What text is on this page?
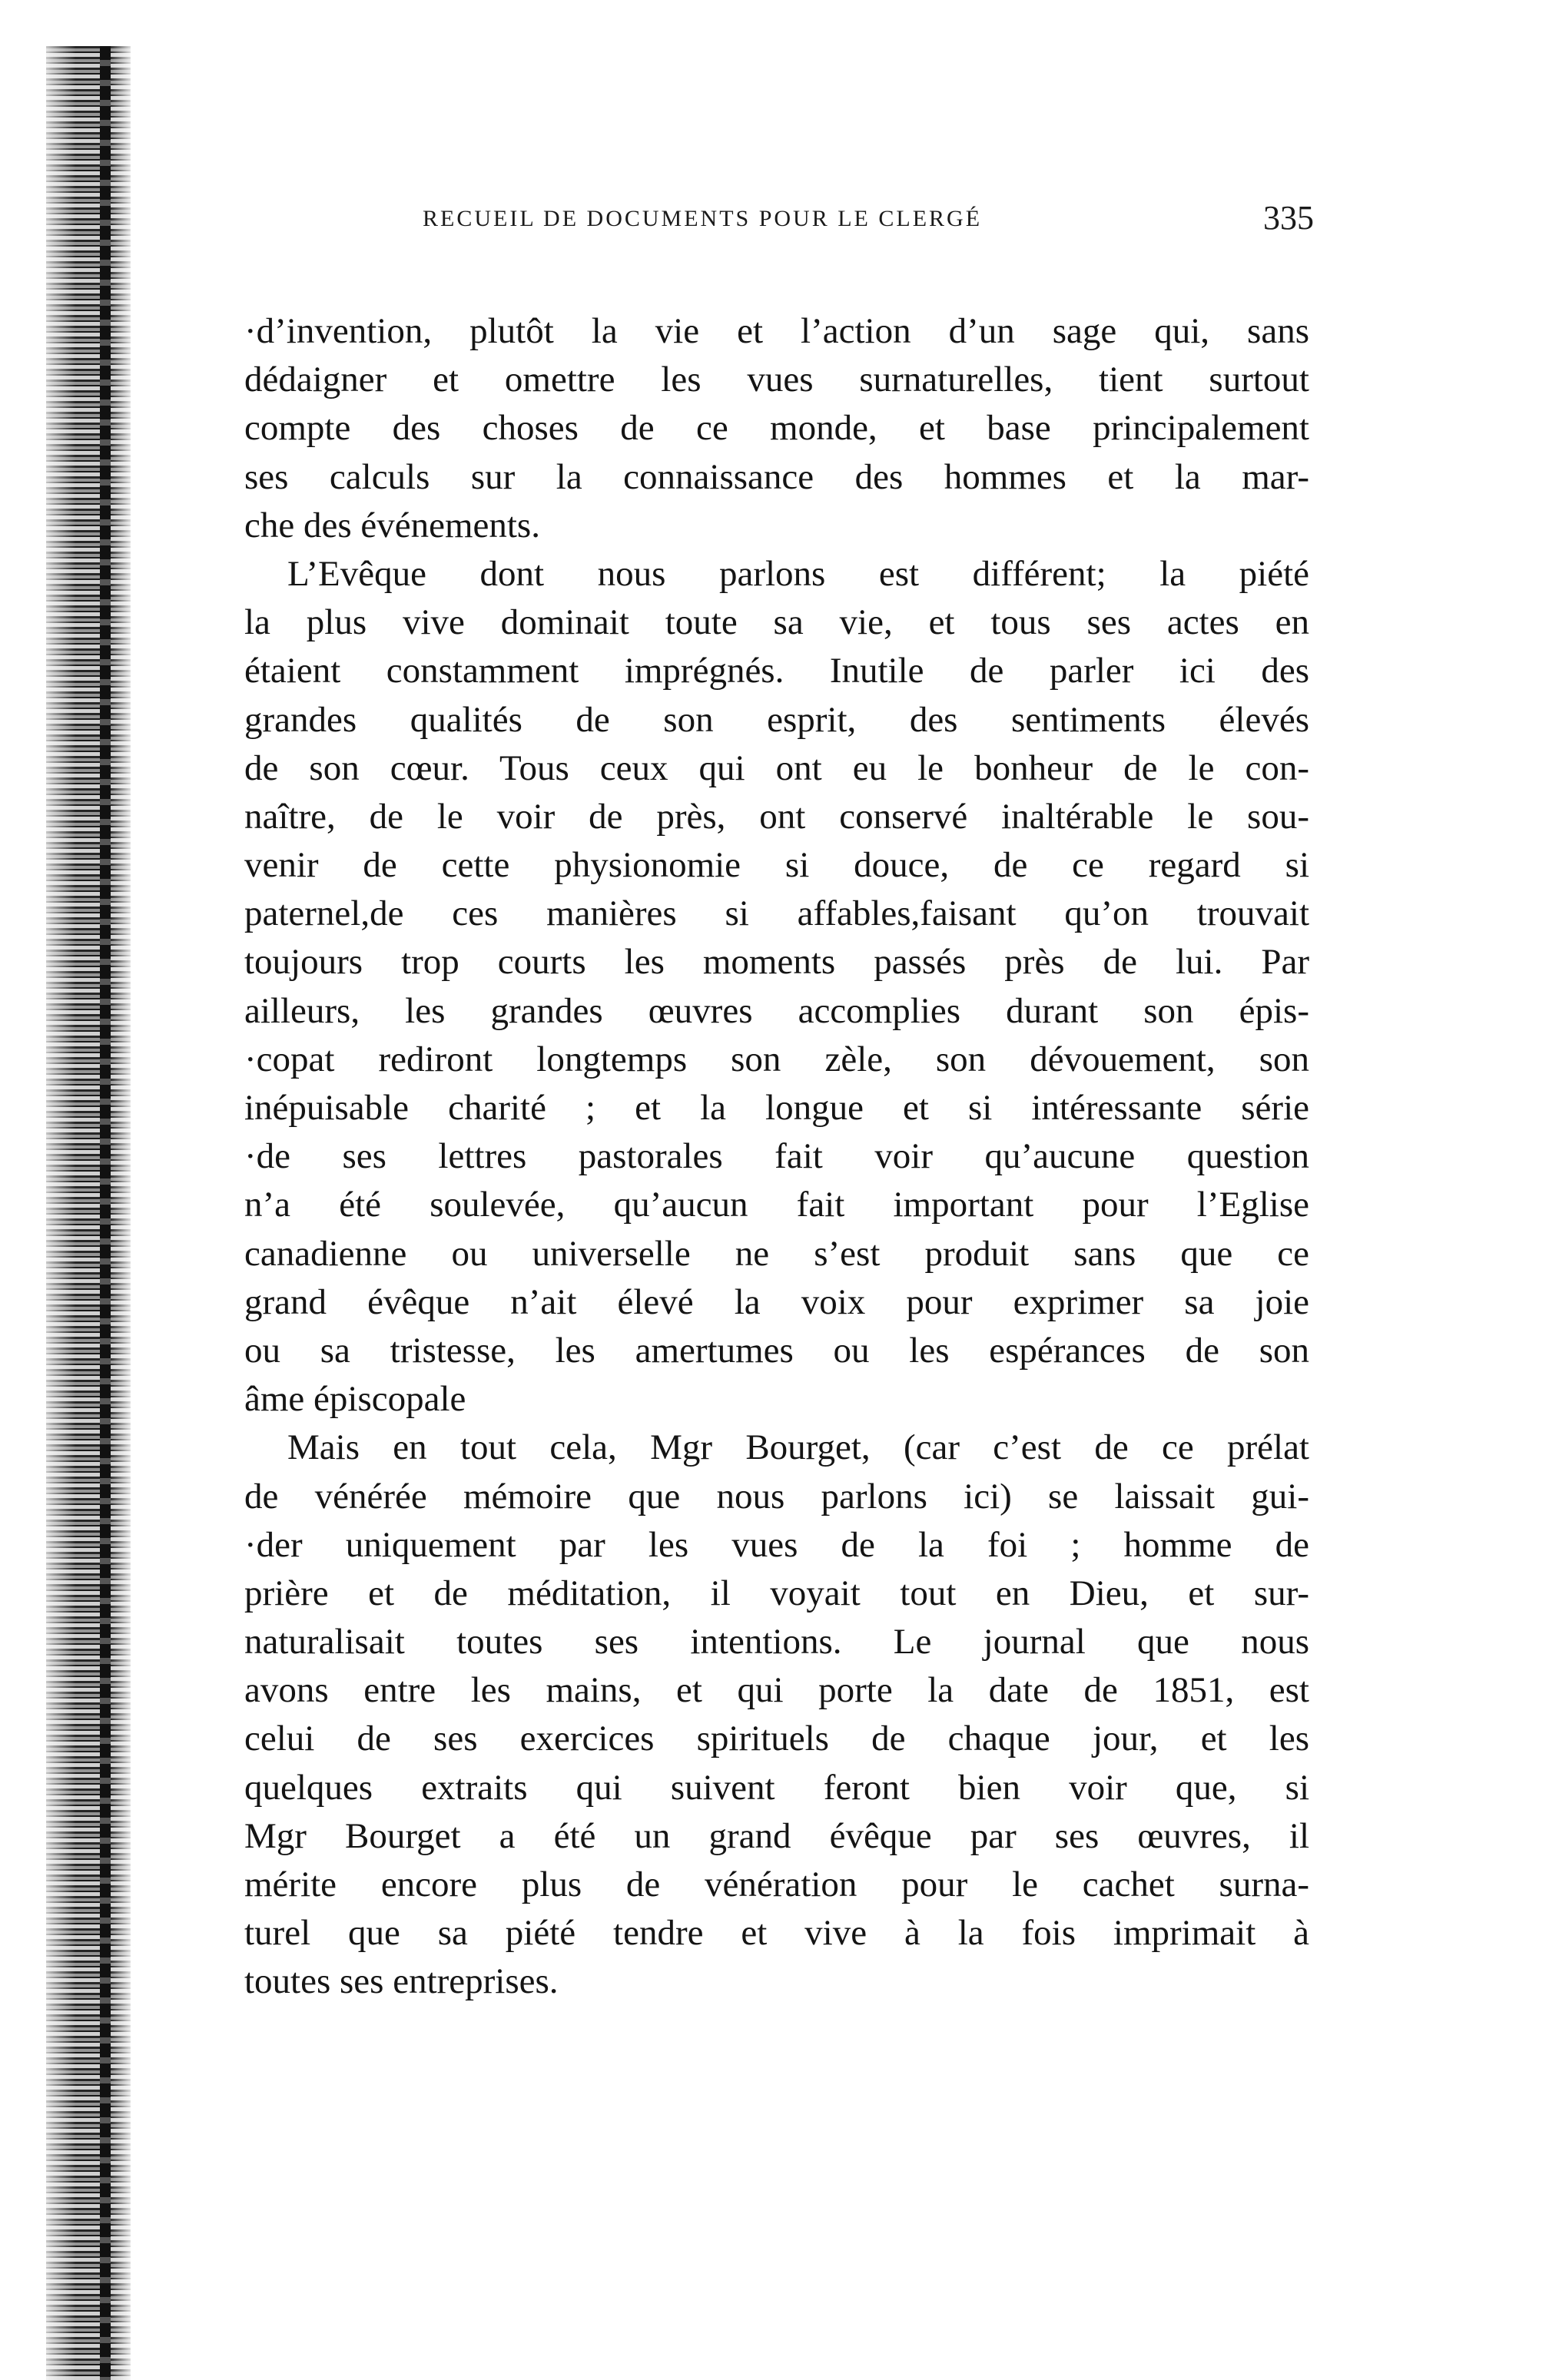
RECUEIL DE DOCUMENTS POUR LE CLERGÉ	335
·d’invention, plutôt la vie et l’action d’un sage qui, sans
dédaigner et omettre les vues surnaturelles, tient surtout
compte des choses de ce monde, et base principalement
ses calculs sur la connaissance des hommes et la mar-
che des événements.
L’Evêque dont nous parlons est différent; la piété
la plus vive dominait toute sa vie, et tous ses actes en
étaient constamment imprégnés. Inutile de parler ici des
grandes qualités de son esprit, des sentiments élevés
de son cœur. Tous ceux qui ont eu le bonheur de le con-
naître, de le voir de près, ont conservé inaltérable le sou-
venir de cette physionomie si douce, de ce regard si
paternel,de ces manières si affables,faisant qu’on trouvait
toujours trop courts les moments passés près de lui. Par
ailleurs, les grandes œuvres accomplies durant son épis-
·copat rediront longtemps son zèle, son dévouement, son
inépuisable charité ; et la longue et si intéressante série
·de ses lettres pastorales fait voir qu’aucune question
n’a été soulevée, qu’aucun fait important pour l’Eglise
canadienne ou universelle ne s’est produit sans que ce
grand évêque n’ait élevé la voix pour exprimer sa joie
ou sa tristesse, les amertumes ou les espérances de son
âme épiscopale
Mais en tout cela, Mgr Bourget, (car c’est de ce prélat
de vénérée mémoire que nous parlons ici) se laissait gui-
·der uniquement par les vues de la foi ; homme de
prière et de méditation, il voyait tout en Dieu, et sur-
naturalisait toutes ses intentions. Le journal que nous
avons entre les mains, et qui porte la date de 1851, est
celui de ses exercices spirituels de chaque jour, et les
quelques extraits qui suivent feront bien voir que, si
Mgr Bourget a été un grand évêque par ses œuvres, il
mérite encore plus de vénération pour le cachet surna-
turel que sa piété tendre et vive à la fois imprimait à
toutes ses entreprises.
